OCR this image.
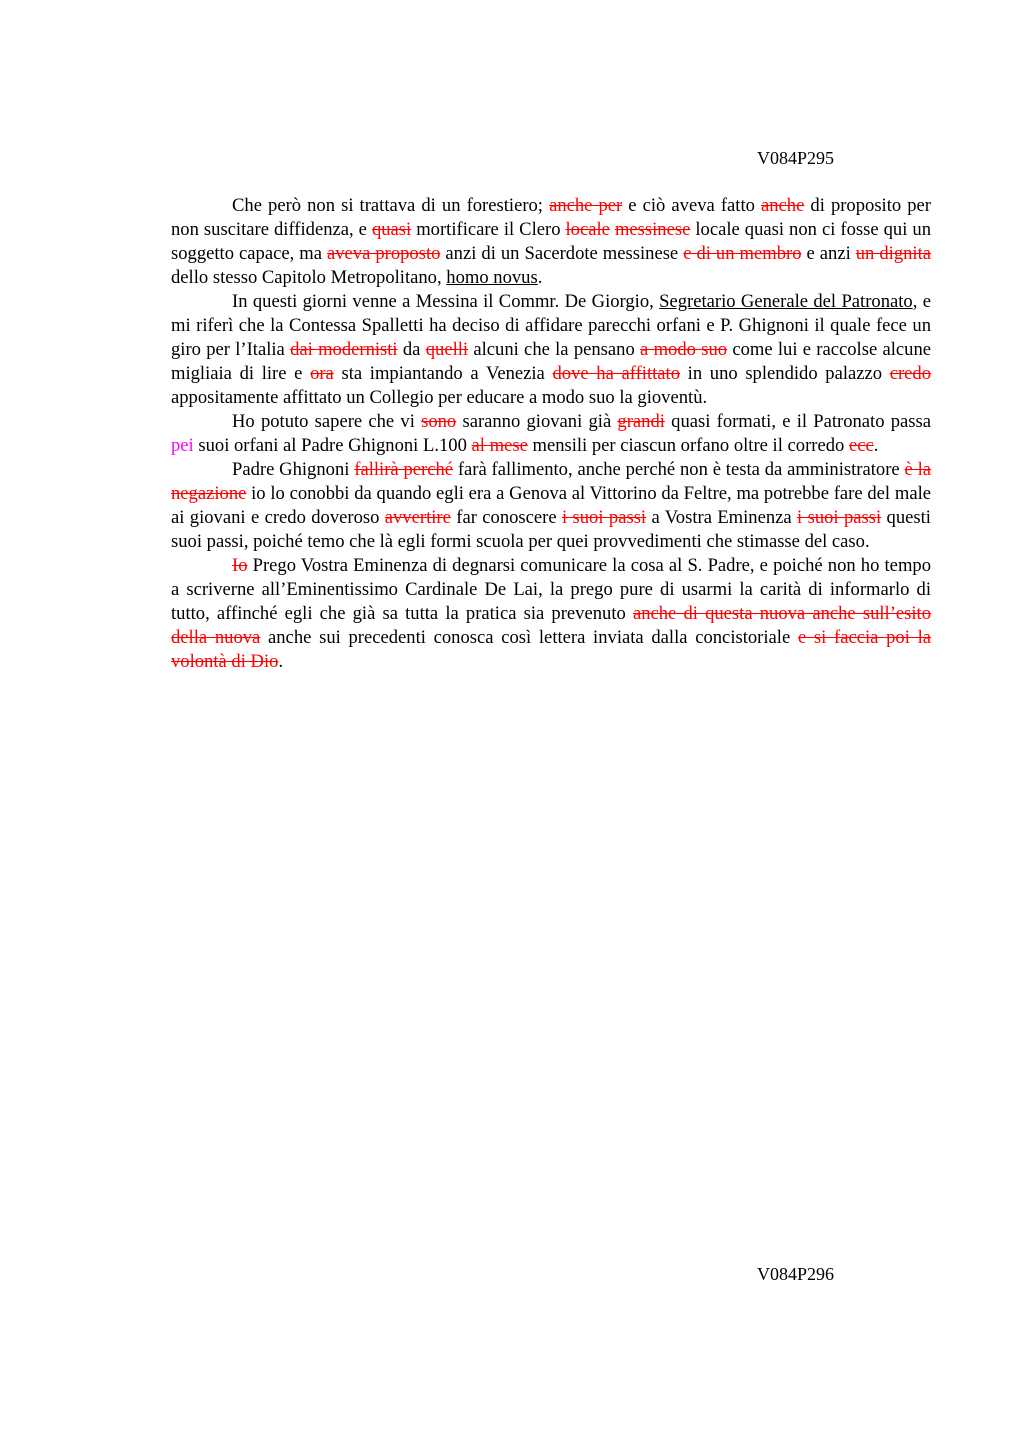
V084P295

Che però non si trattava di un forestiero; anche per e ciò aveva fatto anche di proposito per non suscitare diffidenza, e quasi mortificare il Clero locale messinese locale quasi non ci fosse qui un soggetto capace, ma aveva proposto anzi di un Sacerdote messinese e di un membro e anzi un dignita dello stesso Capitolo Metropolitano, homo novus.

In questi giorni venne a Messina il Commr. De Giorgio, Segretario Generale del Patronato, e mi riferì che la Contessa Spalletti ha deciso di affidare parecchi orfani e P. Ghignoni il quale fece un giro per l’Italia dai modernisti da quelli alcuni che la pensano a modo suo come lui e raccolse alcune migliaia di lire e ora sta impiantando a Venezia dove ha affittato in uno splendido palazzo credo appositamente affittato un Collegio per educare a modo suo la gioventù.

Ho potuto sapere che vi sono saranno giovani già grandi quasi formati, e il Patronato passa pei suoi orfani al Padre Ghignoni L.100 al mese mensili per ciascun orfano oltre il corredo ecc.

Padre Ghignoni fallirà perché farà fallimento, anche perché non è testa da amministratore è la negazione io lo conobbi da quando egli era a Genova al Vittorino da Feltre, ma potrebbe fare del male ai giovani e credo doveroso avvertire far conoscere i suoi passi a Vostra Eminenza i suoi passi questi suoi passi, poiché temo che là egli formi scuola per quei provvedimenti che stimasse del caso.

Io Prego Vostra Eminenza di degnarsi comunicare la cosa al S. Padre, e poiché non ho tempo a scriverne all’Eminentissimo Cardinale De Lai, la prego pure di usarmi la carità di informarlo di tutto, affinché egli che già sa tutta la pratica sia prevenuto anche di questa nuova anche sull’esito della nuova anche sui precedenti conosca così lettera inviata dalla concistoriale e si faccia poi la volontà di Dio.

V084P296
